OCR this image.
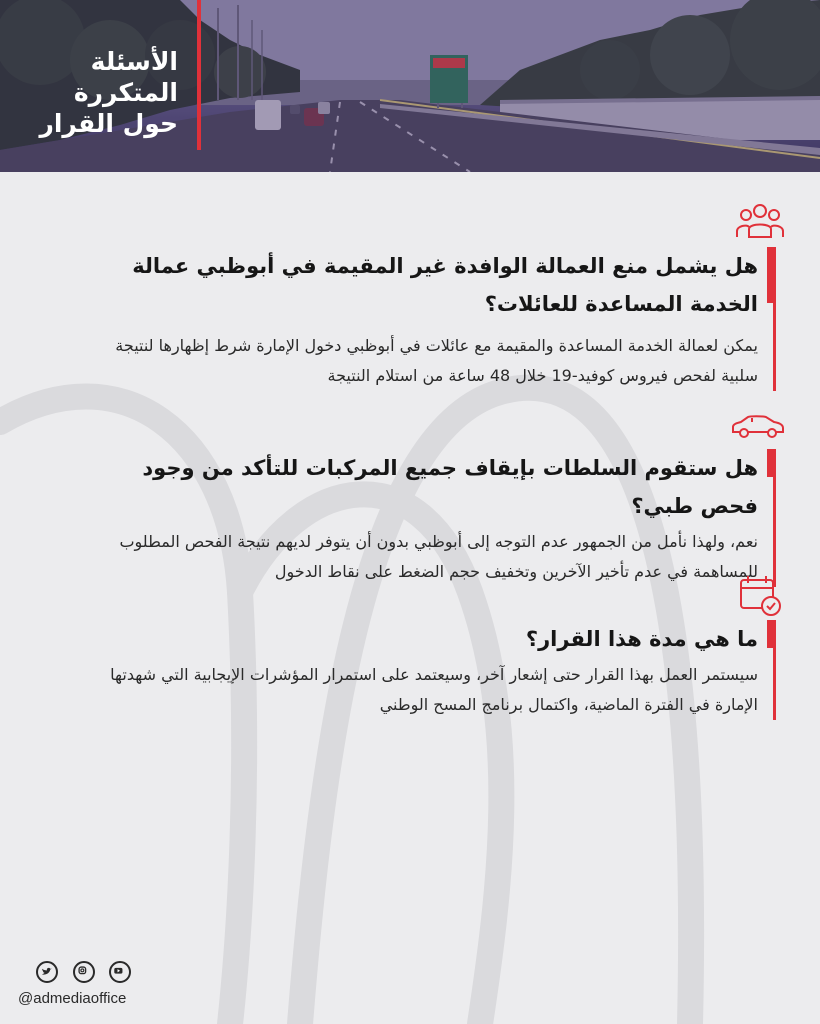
الأسئلة
المتكررة
حول القرار

هل يشمل منع العمالة الوافدة غير المقيمة في أبوظبي عمالة الخدمة المساعدة للعائلات؟

يمكن لعمالة الخدمة المساعدة والمقيمة مع عائلات في أبوظبي دخول الإمارة شرط إظهارها لنتيجة سلبية لفحص فيروس كوفيد-19 خلال 48 ساعة من استلام النتيجة

هل ستقوم السلطات بإيقاف جميع المركبات للتأكد من وجود فحص طبي؟

نعم، ولهذا نأمل من الجمهور عدم التوجه إلى أبوظبي بدون أن يتوفر لديهم نتيجة الفحص المطلوب للمساهمة في عدم تأخير الآخرين وتخفيف حجم الضغط على نقاط الدخول

ما هي مدة هذا القرار؟

سيستمر العمل بهذا القرار حتى إشعار آخر، وسيعتمد على استمرار المؤشرات الإيجابية التي شهدتها الإمارة في الفترة الماضية، واكتمال برنامج المسح الوطني

@admediaoffice
